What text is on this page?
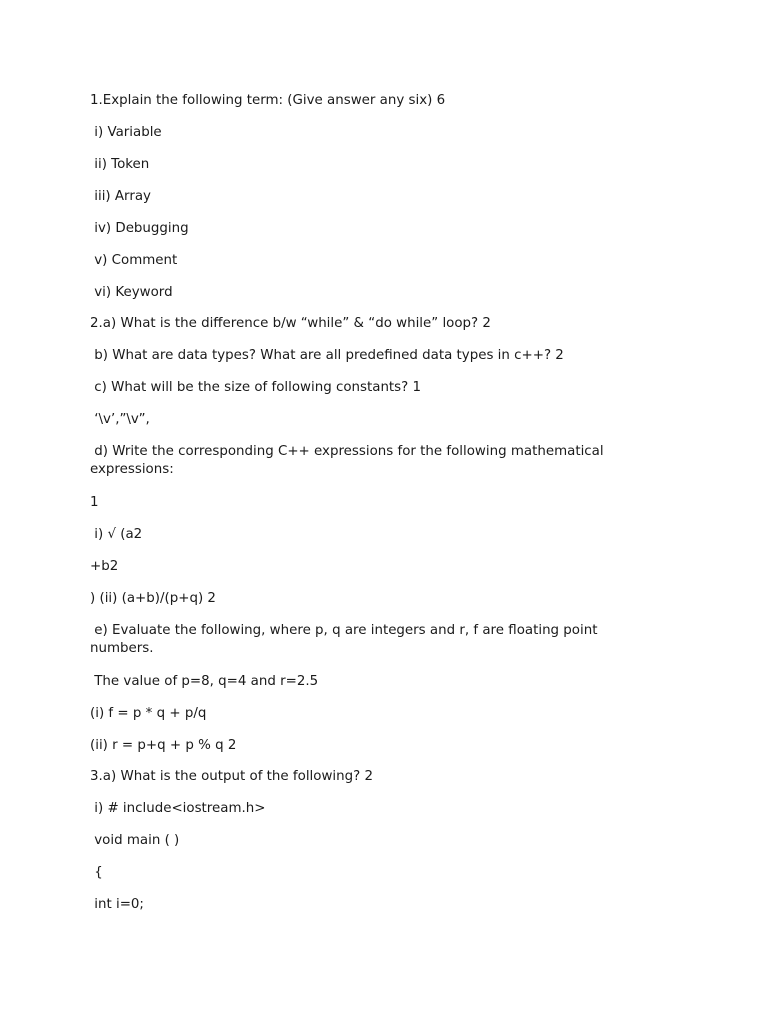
1.Explain the following term: (Give answer any six) 6
i) Variable
ii) Token
iii) Array
iv) Debugging
v) Comment
vi) Keyword
2.a) What is the difference b/w “while” & “do while” loop? 2
b) What are data types? What are all predefined data types in c++? 2
c) What will be the size of following constants? 1
‘\v’,”\v”,
d) Write the corresponding C++ expressions for the following mathematical expressions:
1
i) √ (a2
+b2
) (ii) (a+b)/(p+q) 2
e) Evaluate the following, where p, q are integers and r, f are floating point numbers.
The value of p=8, q=4 and r=2.5
(i) f = p * q + p/q
(ii) r = p+q + p % q 2
3.a) What is the output of the following? 2
i) # include<iostream.h>
void main ( )
{
int i=0;
